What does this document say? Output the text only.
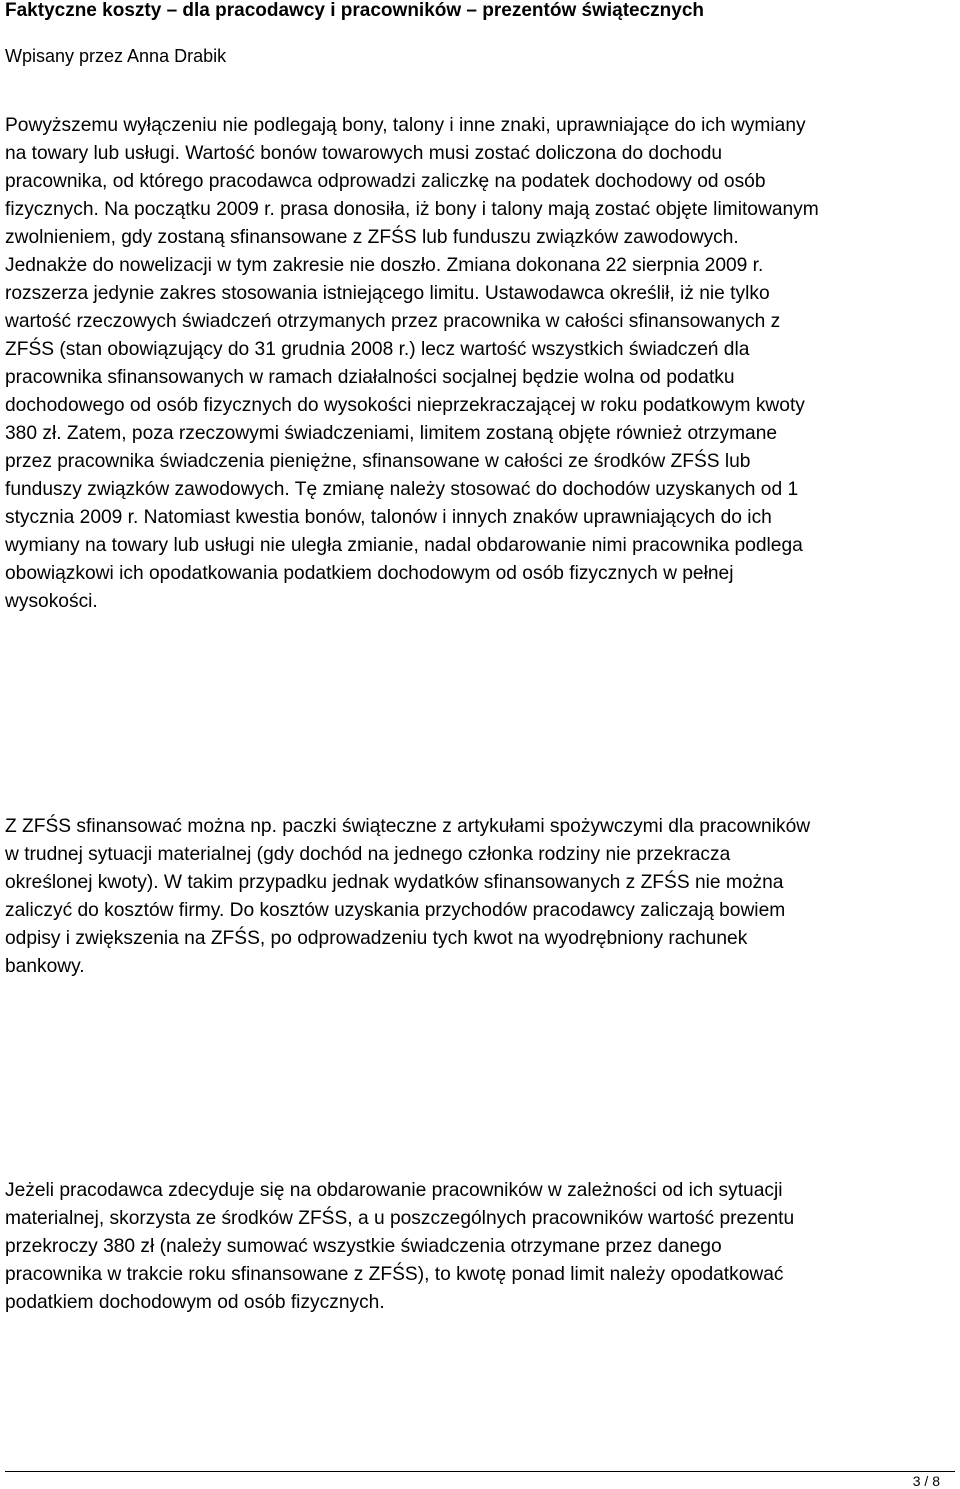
Faktyczne koszty – dla pracodawcy i pracowników – prezentów świątecznych
Wpisany przez Anna Drabik

Powyższemu wyłączeniu nie podlegają bony, talony i inne znaki, uprawniające do ich wymiany
na towary lub usługi. Wartość bonów towarowych musi zostać doliczona do dochodu
pracownika, od którego pracodawca odprowadzi zaliczkę na podatek dochodowy od osób
fizycznych. Na początku 2009 r. prasa donosiła, iż bony i talony mają zostać objęte limitowanym
zwolnieniem, gdy zostaną sfinansowane z ZFŚS lub funduszu związków zawodowych.
Jednakże do nowelizacji w tym zakresie nie doszło. Zmiana dokonana 22 sierpnia 2009 r.
rozszerza jedynie zakres stosowania istniejącego limitu. Ustawodawca określił, iż nie tylko
wartość rzeczowych świadczeń otrzymanych przez pracownika w całości sfinansowanych z
ZFŚS (stan obowiązujący do 31 grudnia 2008 r.) lecz wartość wszystkich świadczeń dla
pracownika sfinansowanych w ramach działalności socjalnej będzie wolna od podatku
dochodowego od osób fizycznych do wysokości nieprzekraczającej w roku podatkowym kwoty
380 zł. Zatem, poza rzeczowymi świadczeniami, limitem zostaną objęte również otrzymane
przez pracownika świadczenia pieniężne, sfinansowane w całości ze środków ZFŚS lub
funduszy związków zawodowych. Tę zmianę należy stosować do dochodów uzyskanych od 1
stycznia 2009 r. Natomiast kwestia bonów, talonów i innych znaków uprawniających do ich
wymiany na towary lub usługi nie uległa zmianie, nadal obdarowanie nimi pracownika podlega
obowiązkowi ich opodatkowania podatkiem dochodowym od osób fizycznych w pełnej
wysokości.

Z ZFŚS sfinansować można np. paczki świąteczne z artykułami spożywczymi dla pracowników
w trudnej sytuacji materialnej (gdy dochód na jednego członka rodziny nie przekracza
określonej kwoty). W takim przypadku jednak wydatków sfinansowanych z ZFŚS nie można
zaliczyć do kosztów firmy. Do kosztów uzyskania przychodów pracodawcy zaliczają bowiem
odpisy i zwiększenia na ZFŚS, po odprowadzeniu tych kwot na wyodrębniony rachunek
bankowy.

Jeżeli pracodawca zdecyduje się na obdarowanie pracowników w zależności od ich sytuacji
materialnej, skorzysta ze środków ZFŚS, a u poszczególnych pracowników wartość prezentu
przekroczy 380 zł (należy sumować wszystkie świadczenia otrzymane przez danego
pracownika w trakcie roku sfinansowane z ZFŚS), to kwotę ponad limit należy opodatkować
podatkiem dochodowym od osób fizycznych.

3 / 8
